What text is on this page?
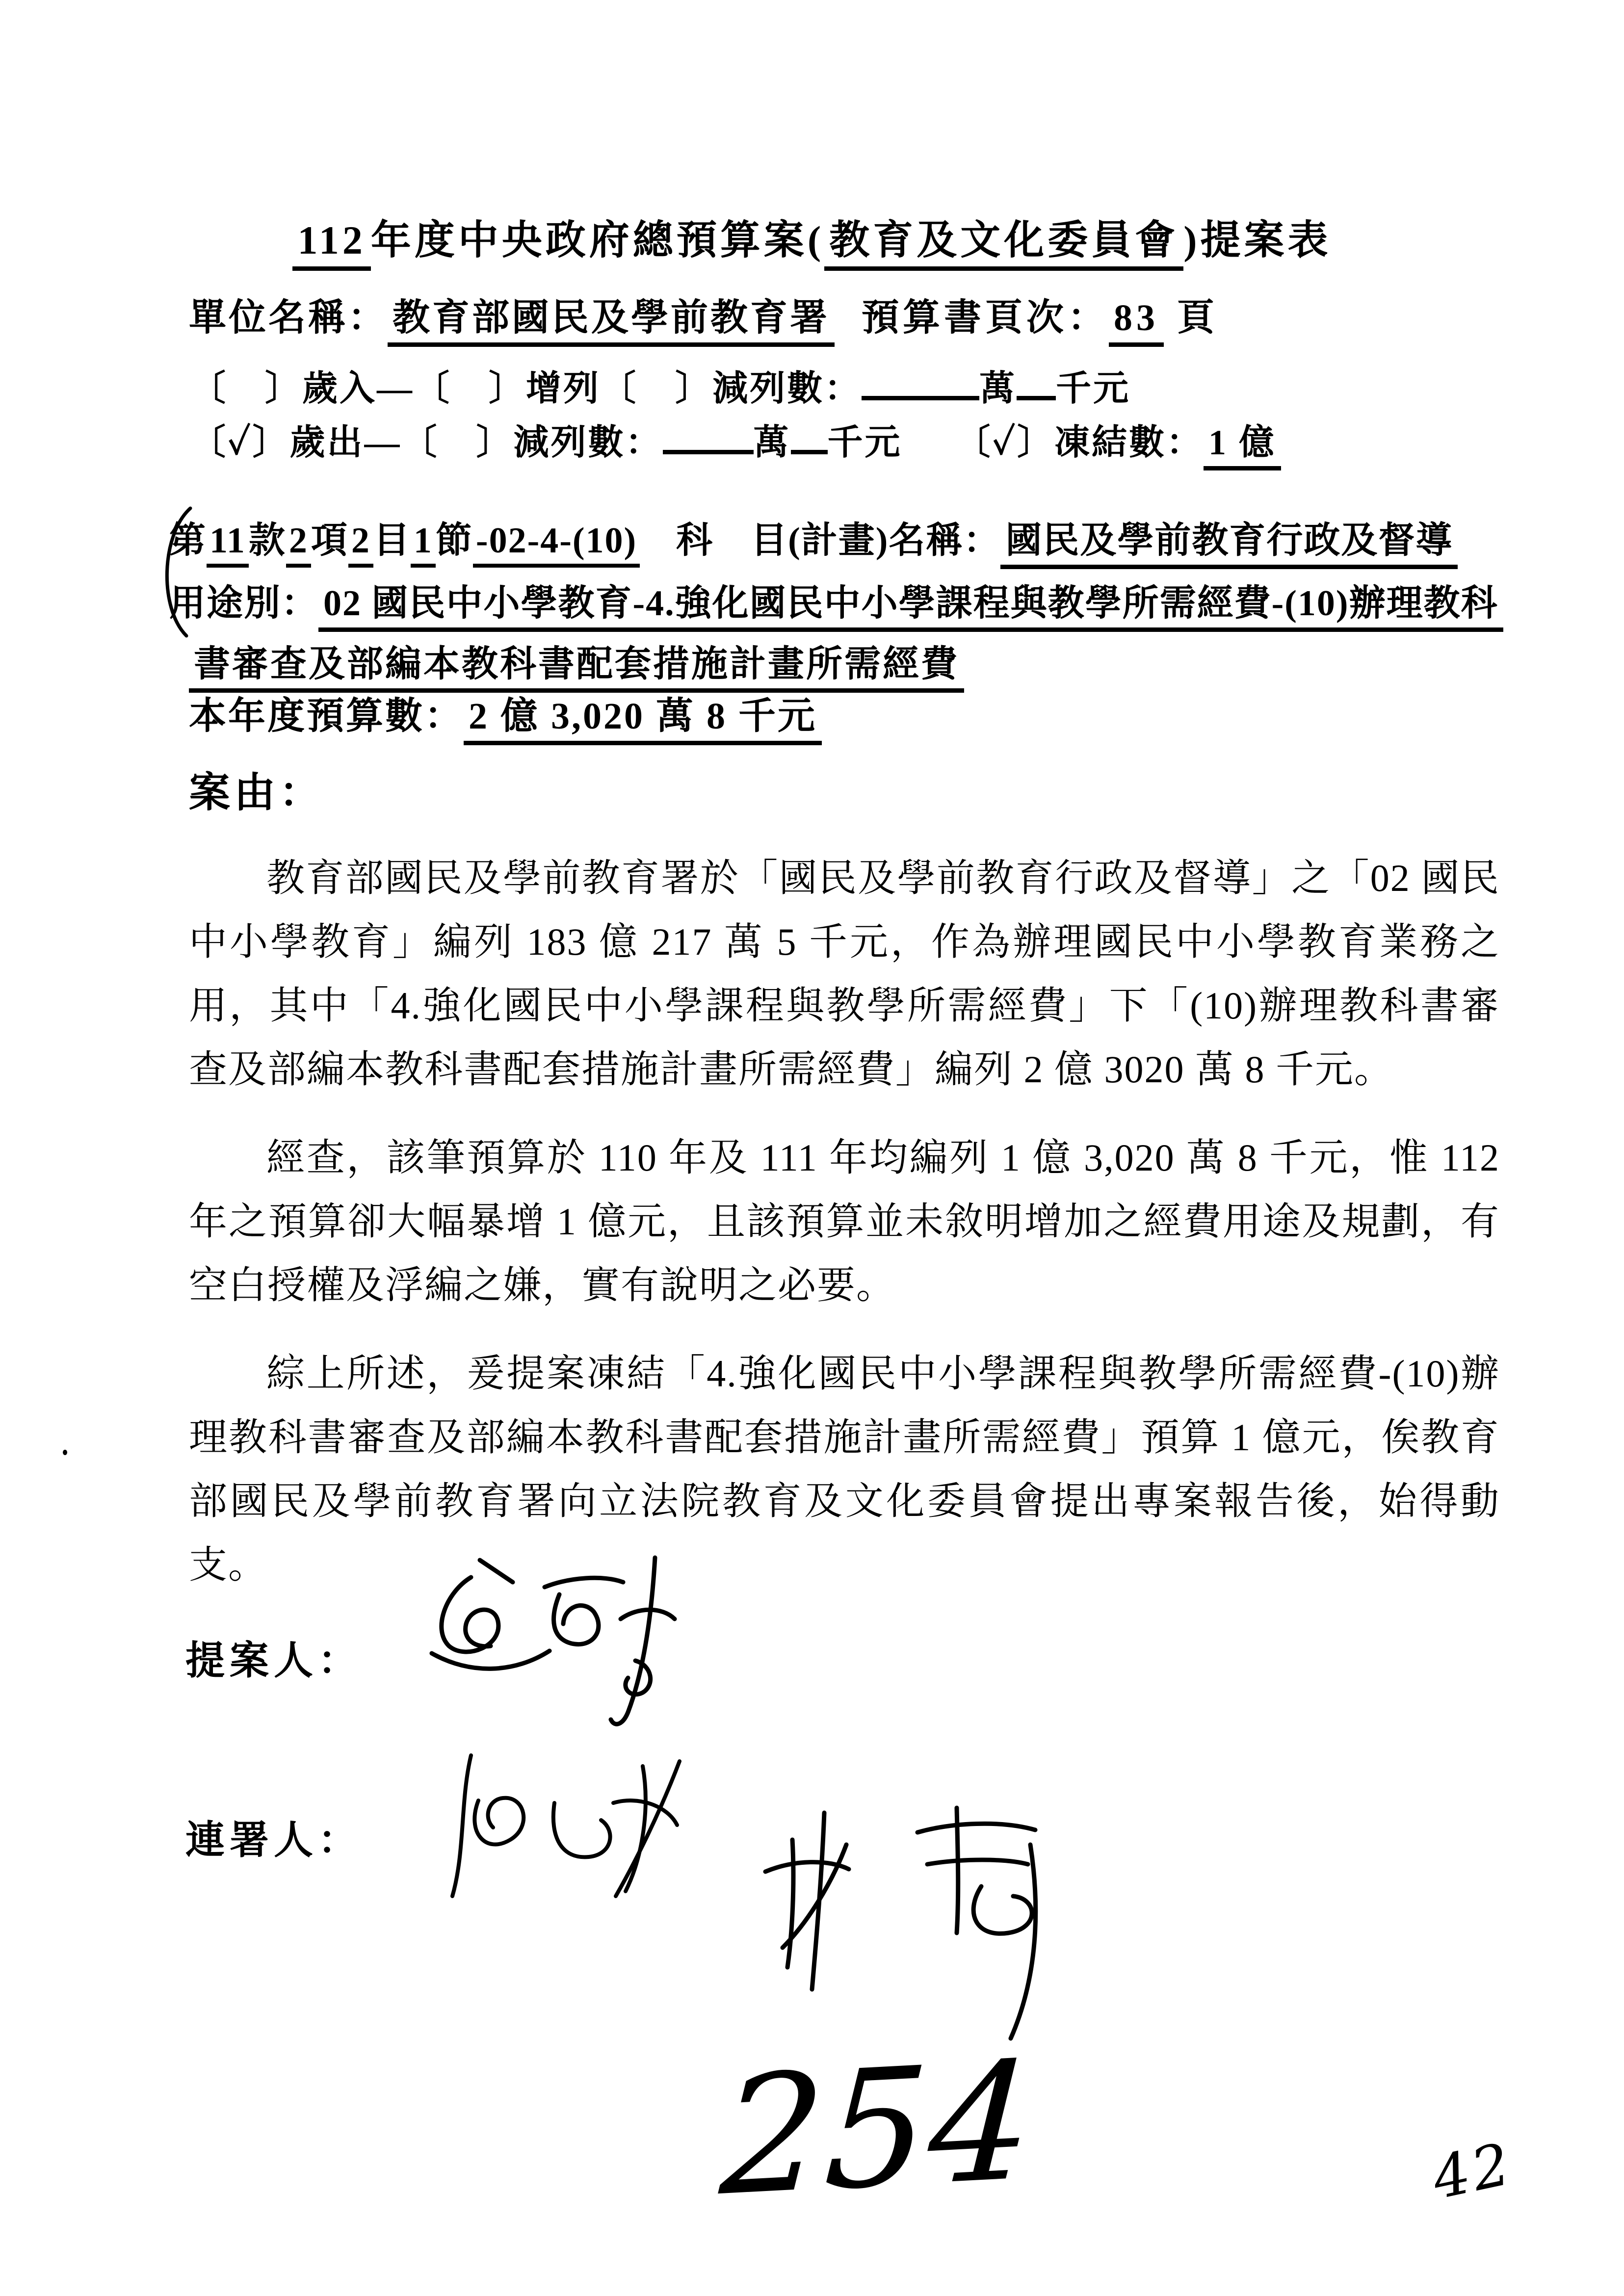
112 年度中央政府總預算案( 教育及文化委員會 )提案表
單位名稱： 教育部國民及學前教育署 預算書頁次： 83 頁
〔　〕歲入—〔　〕增列〔　〕減列數：	萬 千元
〔✓〕歲出—〔　〕減列數：	萬 千元 〔✓〕凍結數： 1 億
第11款2項2目1節-02-4-(10) 科　目(計畫)名稱： 國民及學前教育行政及督導
用途別： 02 國民中小學教育-4.強化國民中小學課程與教學所需經費-(10)辦理教科
書審查及部編本教科書配套措施計畫所需經費
本年度預算數： 2 億 3,020 萬 8 千元
案由：
教育部國民及學前教育署於「國民及學前教育行政及督導」之「02 國民中小學教育」編列 183 億 217 萬 5 千元，作為辦理國民中小學教育業務之用，其中「4.強化國民中小學課程與教學所需經費」下「(10)辦理教科書審查及部編本教科書配套措施計畫所需經費」編列 2 億 3020 萬 8 千元。
經查，該筆預算於 110 年及 111 年均編列 1 億 3,020 萬 8 千元，惟 112 年之預算卻大幅暴增 1 億元，且該預算並未敘明增加之經費用途及規劃，有空白授權及浮編之嫌，實有說明之必要。
綜上所述，爰提案凍結「4.強化國民中小學課程與教學所需經費-(10)辦理教科書審查及部編本教科書配套措施計畫所需經費」預算 1 億元，俟教育部國民及學前教育署向立法院教育及文化委員會提出專案報告後，始得動支。
提案人：
連署人：
254	42
